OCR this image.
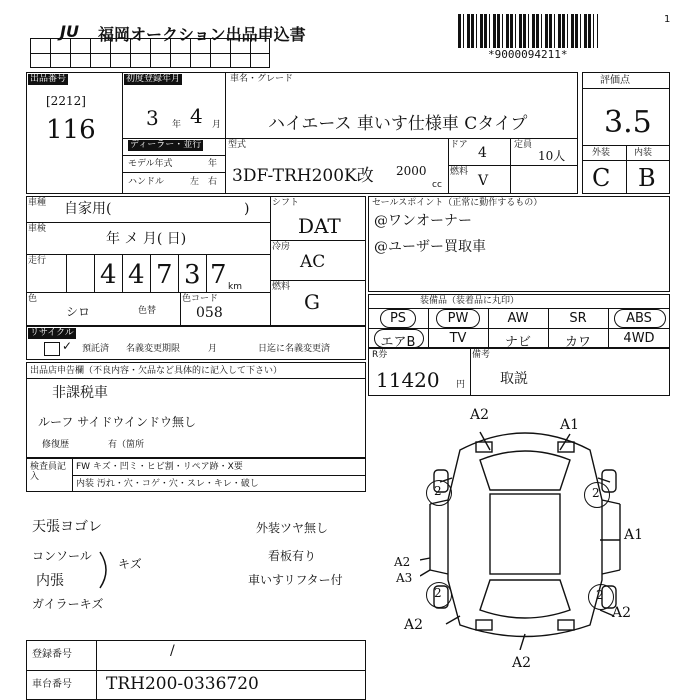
JU 福岡オークション出品申込書
*9000094211*
1
出品番号
[2212]
116
初度登録年月
3 年 4 月
ディーラー・並行
モデル年式	年
ハンドル	左 右
車名・グレード
ハイエース 車いす仕様車 Cタイプ
型式
3DF-TRH200K改 2000
cc
ドア 4
燃料
V
定員
10人
評価点
3.5
外装	内装
C B
車種 自家用(	)
車検
年 メ 月( 日)
走行 4 4 7 3 7 km
色
シロ	色替
色コード
058
シフト
DAT
冷房
AC
燃料
G
リサイクル
✓ 預託済 名義変更期限	月	日迄に名義変更済
セールスポイント（正常に動作するもの）
@ワンオーナー
@ユーザー買取車
装備品（装着品に丸印）
PS	PW	AW	SR	ABS
エアB	TV	ナビ	カワ	4WD
R券
11420 円
備考
取説
出品店申告欄（不良内容・欠品など具体的に記入して下さい）
非課税車
ルーフ サイドウインドウ無し
修復歴	有（箇所
検査員記入
FW キズ・凹ミ・ヒビ割・リペア跡・X要
内装 汚れ・穴・コゲ・穴・スレ・キレ・破し
天張ヨゴレ
コンソール
キズ
内張
ガイラーキズ
外装ツヤ無し
看板有り
車いすリフター付
2	2
2	2
A2
A1
A1
A2
A3
A2
A2
A2
登録番号	/
車台番号 TRH200-0336720
